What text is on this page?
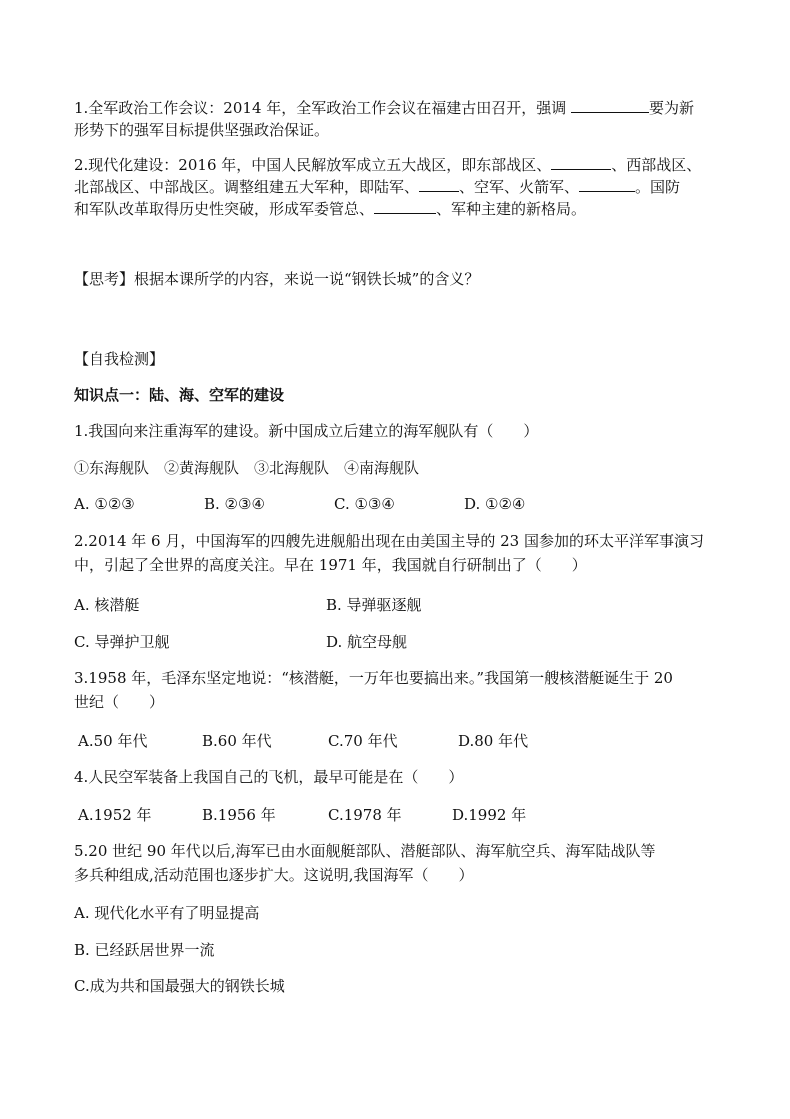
1.全军政治工作会议：2014 年，全军政治工作会议在福建古田召开，强调	要为新
形势下的强军目标提供坚强政治保证。
2.现代化建设：2016 年，中国人民解放军成立五大战区，即东部战区、	、西部战区、
北部战区、中部战区。调整组建五大军种，即陆军、	、空军、火箭军、	。国防
和军队改革取得历史性突破，形成军委管总、	、军种主建的新格局。
【思考】根据本课所学的内容，来说一说“钢铁长城”的含义？
【自我检测】
知识点一：陆、海、空军的建设
1.我国向来注重海军的建设。新中国成立后建立的海军舰队有（　　）
①东海舰队　②黄海舰队　③北海舰队　④南海舰队
A. ①②③	B. ②③④	C. ①③④	D. ①②④
2.2014 年 6 月，中国海军的四艘先进舰船出现在由美国主导的 23 国参加的环太平洋军事演习
中，引起了全世界的高度关注。早在 1971 年，我国就自行研制出了（　　）
A. 核潜艇	B. 导弹驱逐舰
C. 导弹护卫舰	D. 航空母舰
3.1958 年，毛泽东坚定地说：“核潜艇，一万年也要搞出来。”我国第一艘核潜艇诞生于 20
世纪（　　）
A.50 年代	B.60 年代	C.70 年代	D.80 年代
4.人民空军装备上我国自己的飞机，最早可能是在（　　）
A.1952 年	B.1956 年	C.1978 年	D.1992 年
5.20 世纪 90 年代以后,海军已由水面舰艇部队、潜艇部队、海军航空兵、海军陆战队等
多兵种组成,活动范围也逐步扩大。这说明,我国海军（　　）
A. 现代化水平有了明显提高
B. 已经跃居世界一流
C.成为共和国最强大的钢铁长城
